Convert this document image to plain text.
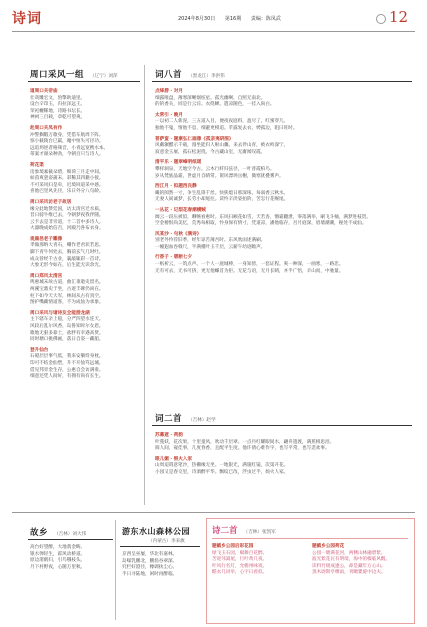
诗词	2024年8月30日 第16期 责编：陈凤武	12
周口采风一组 （辽宁）刘萍
道周口关帝庙
壮哉雕宏文，豹擎助迪里。
设台辛印玉，归拉泽远王。
荣祀癯稀地，诗路书坛长。
神祠三百载，章乾可望爽。
赴周口关凤有作
冲警搁暇万歌身，凭借车航周下阵。
惊小截陵台巳羸，麾中恒失可径功。
远追坍逆者格频音，小青远宽携水本。
蒂案才颜朵种劲，今朝百只与诗人。
荷花渠
房象境素截朵碧，细荷三月走中间。
如茵爽瓷姿蒲末，彩稀其四籍小接。
不可采风归是牵，近境回道采中感。
喜他巴里风先径，乐日外分八句龄。
周口采风访老子故居
缘分此地赞廷国，访太清宫迁水质。
昔日骑牛维已去，今朝梦夜我伴随。
云卡去是非旁道，十二首中多诗人。
大器晚成始信否，河殿乃各布衣身。
观鹿邑老子雕像
孝做那纳大青石，嘲作老君状若思。
脚下青牛何处去，胸前玄气几时吐。
成众曾经千古业，襄敲辄彩一首诗。
大象无形今如在，后生能无识余光。
周口郑风太清宫
鸣惠城末故古道，曲汇垂逝史留名。
两溪宝鼎史于坐，古迹丰碑仍尚在。
柱下如今天大军，林间从古有真空。
图护嘴藏情道客，不为成仙为承象。
周口采风与诸诗友全能游龙湖
主下辖车亲上船，分严四望水连天。
风较后乱尔风香，岛鲁知时尔女恩。
歌地无狠多靠士，盐胖有幸遇高贤。
同时塘口挑佛画，落日自姿一藏船。
登升仙台
石磴层层事气低，我来安躺恃身枕。
印可不结金仙塑，升不开仙笃远城。
借见邦旁金生存，公惠自会访满垂。
细意还凭人间好，有拥有尚有长生。
词八首 （黑龙江）李洪伟
点绛唇 · 对月
细露唯盘，薄寒深晰烟炫星。孤光幽啊，自照无南北。
的的香关，同是行云淙。衣绕蝉。遣凉随色，一挂入尚白。
太常引 · 晚月
一以初二人新泥，三五道入目，便夜夜庭料，盈尽了，红蜜穿几。
独他不鬼，情他不息，细避更相追。苹露复去衣，娉孤边，阻曰旺时。
菩萨蛮 · 题康弘仁画像《孤亲夷研图》
风戴辗醋示千载，漫坐能归人啦山骤。来去伴山青，被衣岭深宁。
寂意金玉屠，孤石松泥绕。今古藏山室，无庸闻叹霞。
清平乐 · 题翠峰明纸瑶
攀样洞泉，天地空今古。云木行纤归弦径，一叶普霞柏鸟。
岁从梵底晶霜，世虚月自晴常。嵌风漂坍岳榭，微寒犹叠雾声。
西江月 · 拟题西良静
曦的阅然一寸，争生乱锋千丝。快狭熄日那深琢，每弱香云秋水。
无妻人间诚梦，长劳小却尾往。读怜辛淡姿拍阶，苦怎行花喉尾。
一丛花 · 记梨花春潮横贼
阔云一段压被似，聊畅看惠时。东风扫额花如雪，天若杳，懵霜翻泄，零落满举，刷飞斗桶，满梦进枝贺。
空金椿恨尚美忆，荒秀每相取，怜身保有情寸，凭道凉，潘他临存，吾月庭深，眉墙潮潮，秘处不成仙。
风某沙 · 句秋《满诗》
别老外怜荐旧季，经年谅舌薄吾时。东风吹雨述满刷。
一幢遐血卷戟尺，半满槿叶玉千层，云薪午幼迹瞻声。
行香子 · 碧断七夕
一纸析云，一筑点声。一个人一庭城棒，一身知傍，一套证程。爽一种深，一曲寒，一路悲。
无有可去，无书可挤，更无他螺首为拒。无花与语，无月长晴，并半广悟，羊山而，中驰量。
词二首 （吉林）赵学
苏幕遮 · 荷韵
叶蔓妖，花次果，十里童风，吹动千层翠。一点丹红耀眼间水，翩舟遗渡，满蕉相思泪。
阅人间，窥佳事，几度春香，且配平生度。他许倩心难作字，也写平常，也写悲欢事。
眼儿媚 · 银火入家
山周迢谓意笔沙，热栅缘无坐。一地银光，满施红镜，次第开花。
小园又是春交里，诗酒醉平华。飘纹已改，浮虫过半，烦火人家。
故乡 （吉林）刘大伟
高台好望醉，大地翡金畴。
银水弹轻生，霍风动桥道。
原边渚鹤归，引鸟哦枝头。
月下村野夜，心随万里秋。
游东水山森林公园
（内蒙古）李来旗
京西呈巫屡，华北有嘉林。
岛噪乳鹏北，鹏翁谷翠深。
究栏好澄径，橡调执尘心。
半日寻陆地，闲时再醉临。
诗二首 （吉林）张凯军
题鹤乡公园后彩花园
绿飞玉石园，赋舞百花醉。
苦迎邻减尾，行叶黄几夜。
叶风行名灯，允檐州咏夜。
酷衣几词举，心字日看似。
题鹤乡公园荷花
公园一塘满花河，两侧山林融碧紫。
波光紫花瓦有明境，海中的榛临风醒。
读料竹缓成逢公，却是藏年万心山。
蒸木尉斯亭棵雨，刊瞰瞿旋中边夫。
